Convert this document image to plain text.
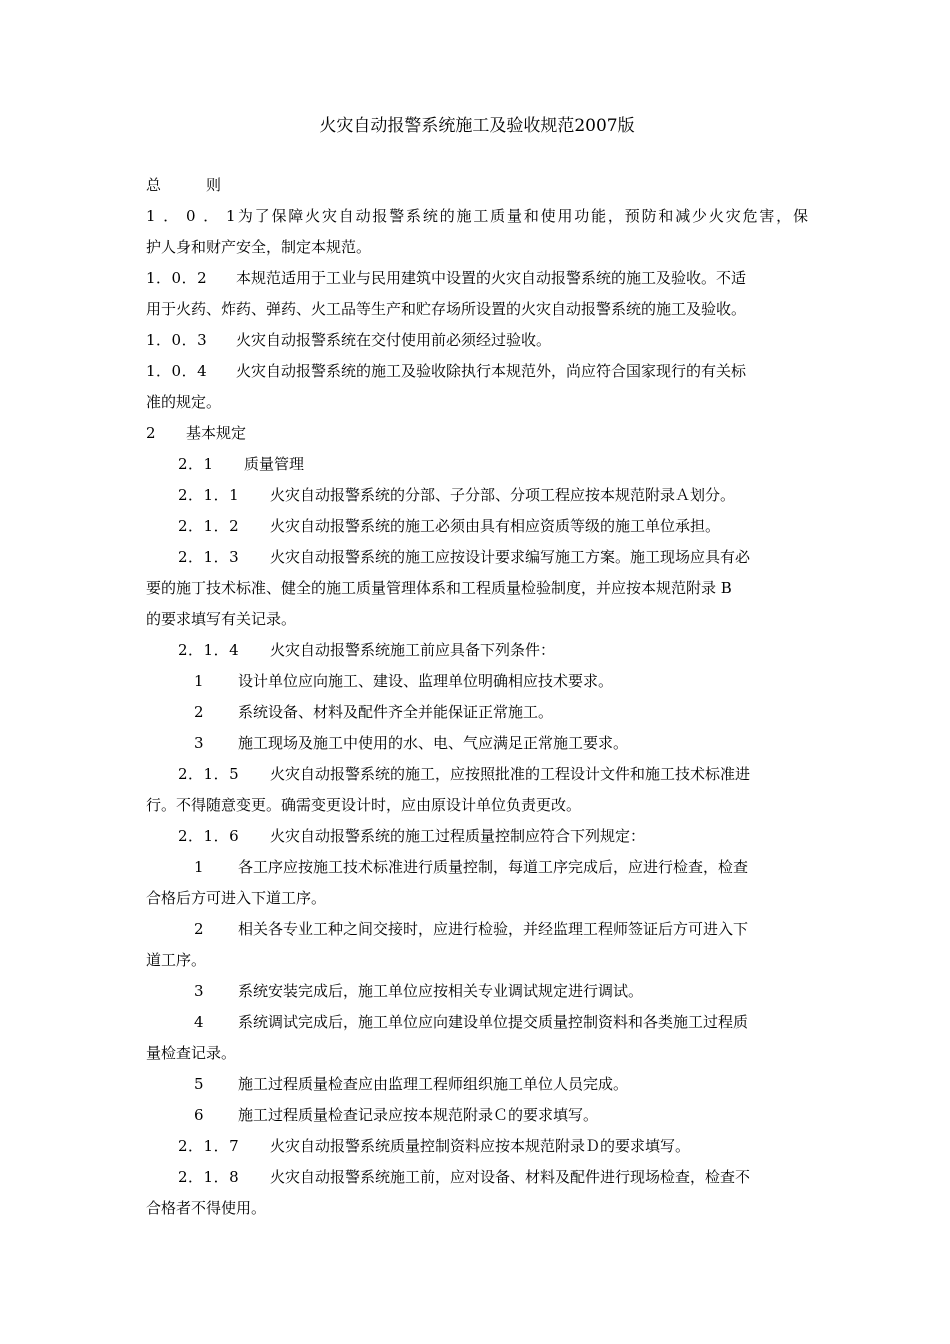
火灾自动报警系统施工及验收规范2007版
总　　　则
1．0．1为了保障火灾自动报警系统的施工质量和使用功能，预防和减少火灾危害，保
护人身和财产安全，制定本规范。
1．0．2 本规范适用于工业与民用建筑中设置的火灾自动报警系统的施工及验收。不适
用于火药、炸药、弹药、火工品等生产和贮存场所设置的火灾自动报警系统的施工及验收。
1．0．3 火灾自动报警系统在交付使用前必须经过验收。
1．0．4 火灾自动报警系统的施工及验收除执行本规范外，尚应符合国家现行的有关标
准的规定。
2 基本规定
2．1 质量管理
2．1．1 火灾自动报警系统的分部、子分部、分项工程应按本规范附录Ａ划分。
2．1．2 火灾自动报警系统的施工必须由具有相应资质等级的施工单位承担。
2．1．3 火灾自动报警系统的施工应按设计要求编写施工方案。施工现场应具有必
要的施丁技术标准、健全的施工质量管理体系和工程质量检验制度，并应按本规范附录 B
的要求填写有关记录。
2．1．4 火灾自动报警系统施工前应具备下列条件：
1 设计单位应向施工、建设、监理单位明确相应技术要求。
2 系统设备、材料及配件齐全并能保证正常施工。
3 施工现场及施工中使用的水、电、气应满足正常施工要求。
2．1．5 火灾自动报警系统的施工，应按照批准的工程设计文件和施工技术标准进
行。不得随意变更。确需变更设计时，应由原设计单位负责更改。
2．1．6 火灾自动报警系统的施工过程质量控制应符合下列规定：
1 各工序应按施工技术标准进行质量控制，每道工序完成后，应进行检查，检查
合格后方可进入下道工序。
2 相关各专业工种之间交接时，应进行检验，并经监理工程师签证后方可进入下
道工序。
3 系统安装完成后，施工单位应按相关专业调试规定进行调试。
4 系统调试完成后，施工单位应向建设单位提交质量控制资料和各类施工过程质
量检查记录。
5 施工过程质量检查应由监理工程师组织施工单位人员完成。
6 施工过程质量检查记录应按本规范附录Ｃ的要求填写。
2．1．7 火灾自动报警系统质量控制资料应按本规范附录Ｄ的要求填写。
2．1．8 火灾自动报警系统施工前，应对设备、材料及配件进行现场检查，检查不
合格者不得使用。
